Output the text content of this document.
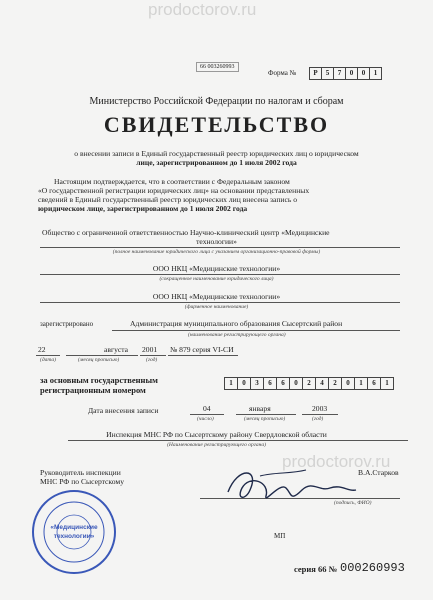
66 003260993
Форма №	Р	5	7	0	0	1
Министерство Российской Федерации по налогам и сборам
СВИДЕТЕЛЬСТВО
о внесении записи в Единый государственный реестр юридических лиц о юридическом
лице, зарегистрированном до 1 июля 2002 года
Настоящим подтверждается, что в соответствии с Федеральным законом
«О государственной регистрации юридических лиц» на основании представленных
сведений в Единый государственный реестр юридических лиц внесена запись о
юридическом лице, зарегистрированном до 1 июля 2002 года
Общество с ограниченной ответственностью Научно-клинический центр «Медицинские
технологии»
(полное наименование юридического лица с указанием организационно-правовой формы)
ООО НКЦ «Медицинские технологии»
(сокращенное наименование юридического лица)
ООО НКЦ «Медицинские технологии»
(фирменное наименование)
зарегистрировано	Администрация муниципального образования Сысертский район
(наименование регистрирующего органа)
22	августа 2001 № 879 серия VI-СИ
(дата)	(месяц прописью)	(год)
за основным государственным
регистрационным номером
1	0	3	6	6	0	2	4	2	0	1	6	1
Дата внесения записи	04	января	2003
(число)	(месяц прописью)	(год)
Инспекция МНС РФ по Сысертскому району Свердловской области
(Наименование регистрирующего органа)
Руководитель инспекции
МНС РФ по Сысертскому
В.А.Старков
(подпись, ФИО)
МП
«Медицинские
технологии»
серия 66 № 000260993
prodoctorov.ru
prodoctorov.ru
